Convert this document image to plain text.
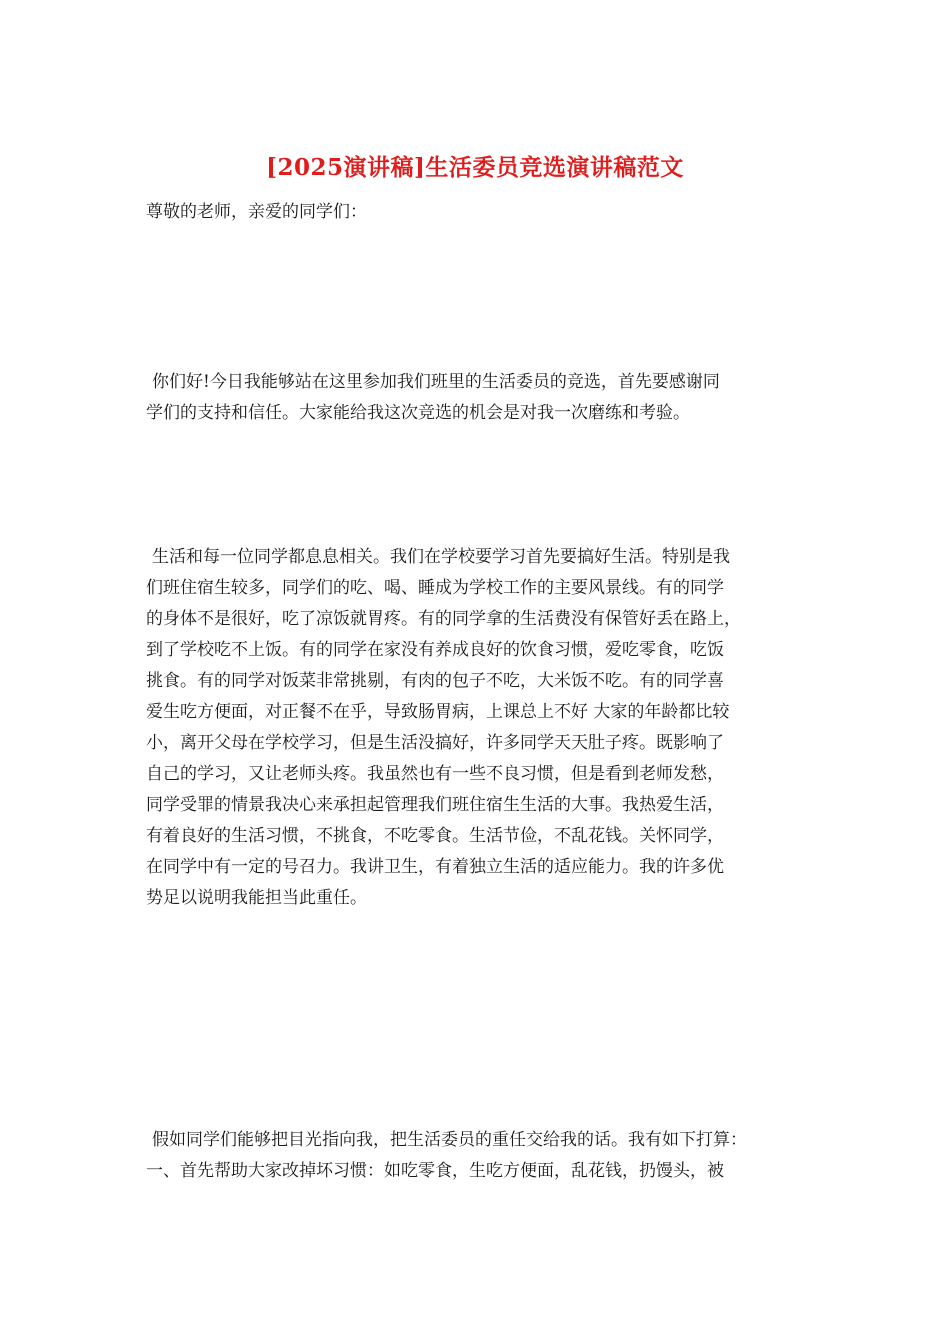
[2025演讲稿]生活委员竞选演讲稿范文
尊敬的老师，亲爱的同学们：
你们好!今日我能够站在这里参加我们班里的生活委员的竞选，首先要感谢同
学们的支持和信任。大家能给我这次竞选的机会是对我一次磨练和考验。
生活和每一位同学都息息相关。我们在学校要学习首先要搞好生活。特别是我
们班住宿生较多，同学们的吃、喝、睡成为学校工作的主要风景线。有的同学
的身体不是很好，吃了凉饭就胃疼。有的同学拿的生活费没有保管好丢在路上，
到了学校吃不上饭。有的同学在家没有养成良好的饮食习惯，爱吃零食，吃饭
挑食。有的同学对饭菜非常挑剔，有肉的包子不吃，大米饭不吃。有的同学喜
爱生吃方便面，对正餐不在乎，导致肠胃病，上课总上不好 大家的年龄都比较
小，离开父母在学校学习，但是生活没搞好，许多同学天天肚子疼。既影响了
自己的学习，又让老师头疼。我虽然也有一些不良习惯，但是看到老师发愁，
同学受罪的情景我决心来承担起管理我们班住宿生生活的大事。我热爱生活，
有着良好的生活习惯，不挑食，不吃零食。生活节俭，不乱花钱。关怀同学，
在同学中有一定的号召力。我讲卫生，有着独立生活的适应能力。我的许多优
势足以说明我能担当此重任。
假如同学们能够把目光指向我，把生活委员的重任交给我的话。我有如下打算：
一、首先帮助大家改掉坏习惯：如吃零食，生吃方便面，乱花钱，扔馒头，被
